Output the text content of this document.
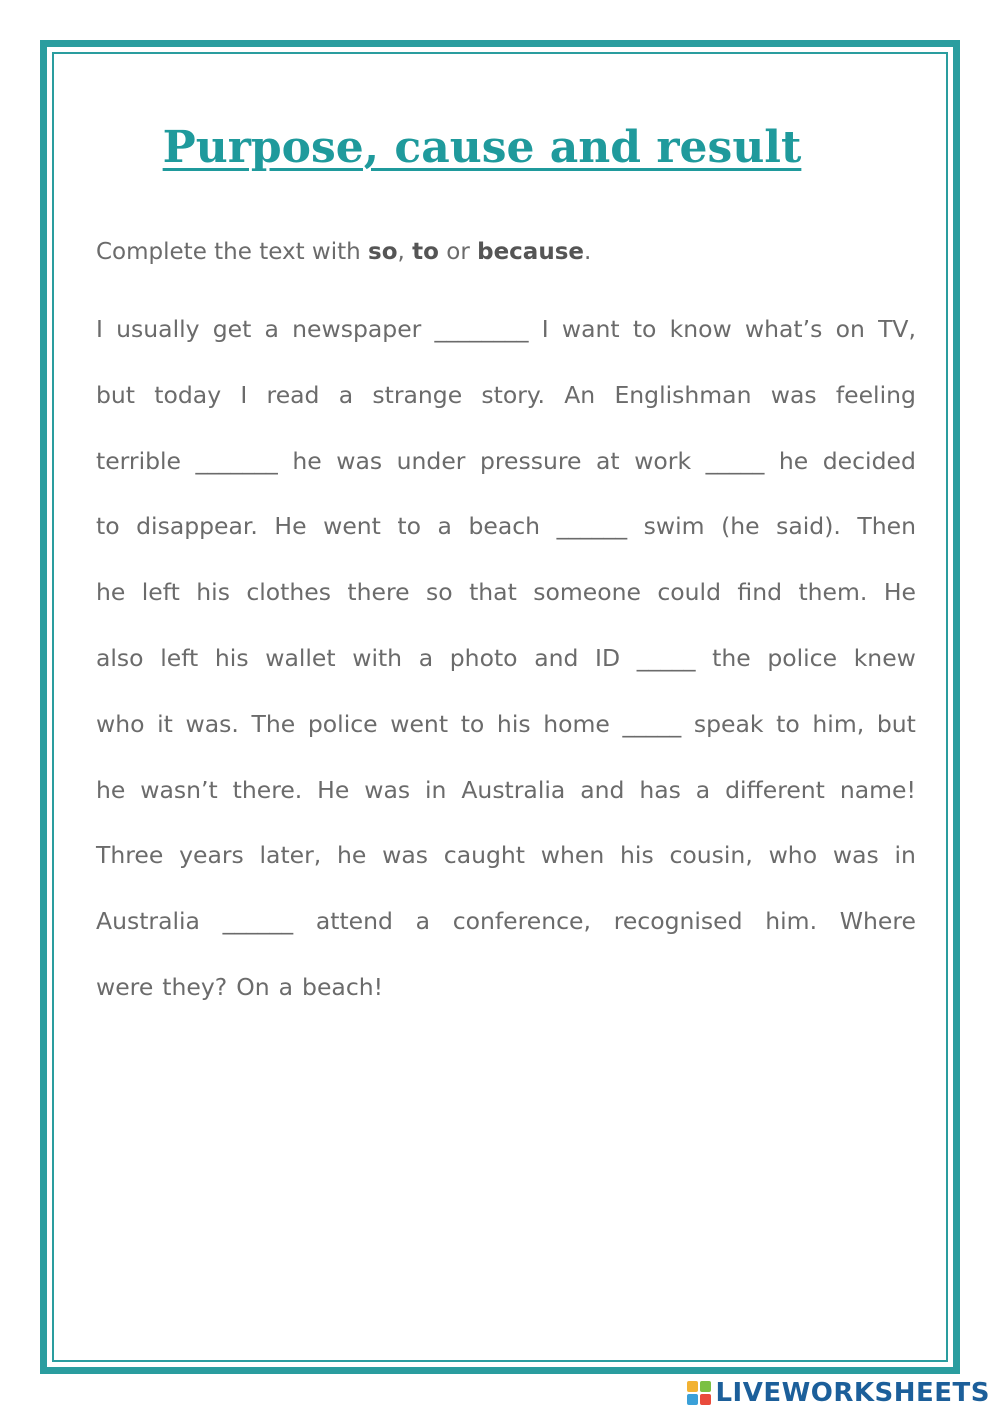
Purpose, cause and result

Complete the text with so, to or because.

I usually get a newspaper ________ I want to know what’s on TV,
but today I read a strange story. An Englishman was feeling
terrible _______ he was under pressure at work _____ he decided
to disappear. He went to a beach ______ swim (he said). Then
he left his clothes there so that someone could find them. He
also left his wallet with a photo and ID _____ the police knew
who it was. The police went to his home _____ speak to him, but
he wasn’t there. He was in Australia and has a different name!
Three years later, he was caught when his cousin, who was in
Australia ______ attend a conference, recognised him. Where
were they? On a beach!
LIVEWORKSHEETS
